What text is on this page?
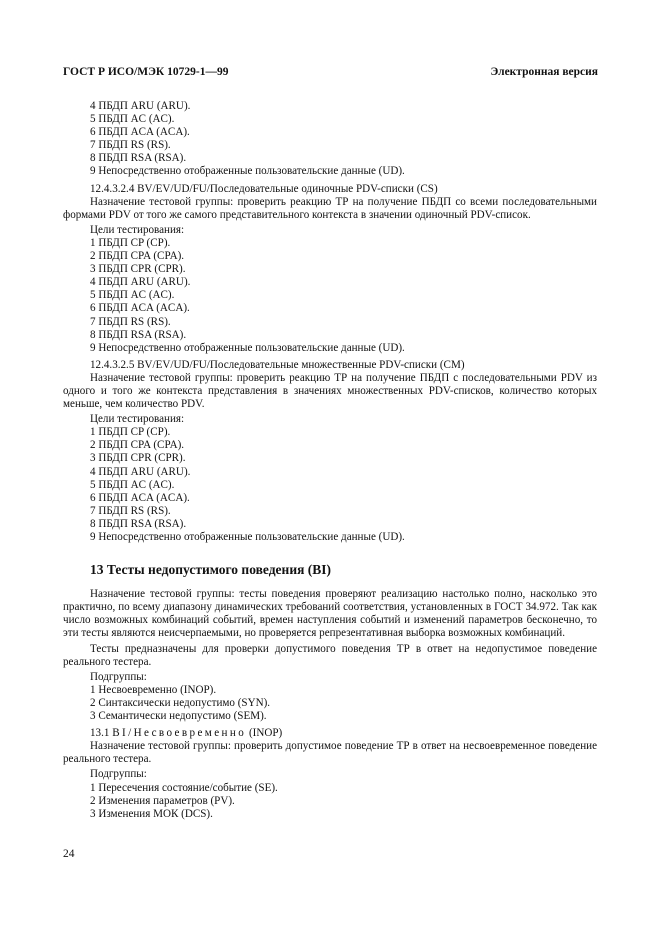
ГОСТ Р ИСО/МЭК 10729-1—99	Электронная версия

4 ПБДП ARU (ARU).

5 ПБДП AC (AC).

6 ПБДП ACA (ACA).

7 ПБДП RS (RS).

8 ПБДП RSA (RSA).

9 Непосредственно отображенные пользовательские данные (UD).

12.4.3.2.4 BV/EV/UD/FU/Последовательные одиночные PDV-списки (CS)

Назначение тестовой группы: проверить реакцию ТР на получение ПБДП со всеми последовательными формами PDV от того же самого представительного контекста в значении одиночный PDV-список.

Цели тестирования:

1 ПБДП CP (CP).

2 ПБДП CPA (CPA).

3 ПБДП CPR (CPR).

4 ПБДП ARU (ARU).

5 ПБДП AC (AC).

6 ПБДП ACA (ACA).

7 ПБДП RS (RS).

8 ПБДП RSA (RSA).

9 Непосредственно отображенные пользовательские данные (UD).

12.4.3.2.5 BV/EV/UD/FU/Последовательные множественные PDV-списки (CM)

Назначение тестовой группы: проверить реакцию ТР на получение ПБДП с последовательными PDV из одного и того же контекста представления в значениях множественных PDV-списков, количество которых меньше, чем количество PDV.

Цели тестирования:

1 ПБДП CP (CP).

2 ПБДП CPA (CPA).

3 ПБДП CPR (CPR).

4 ПБДП ARU (ARU).

5 ПБДП AC (AC).

6 ПБДП ACA (ACA).

7 ПБДП RS (RS).

8 ПБДП RSA (RSA).

9 Непосредственно отображенные пользовательские данные (UD).

13 Тесты недопустимого поведения (BI)

Назначение тестовой группы: тесты поведения проверяют реализацию настолько полно, насколько это практично, по всему диапазону динамических требований соответствия, установленных в ГОСТ 34.972. Так как число возможных комбинаций событий, времен наступления событий и изменений параметров бесконечно, то эти тесты являются неисчерпаемыми, но проверяется репрезентативная выборка возможных комбинаций.

Тесты предназначены для проверки допустимого поведения ТР в ответ на недопустимое поведение реального тестера.

Подгруппы:

1 Несвоевременно (INOP).

2 Синтаксически недопустимо (SYN).

3 Семантически недопустимо (SEM).

13.1 BI/Несвоевременно (INOP)

Назначение тестовой группы: проверить допустимое поведение ТР в ответ на несвоевременное поведение реального тестера.

Подгруппы:

1 Пересечения состояние/событие (SE).

2 Изменения параметров (PV).

3 Изменения МОК (DCS).

24
